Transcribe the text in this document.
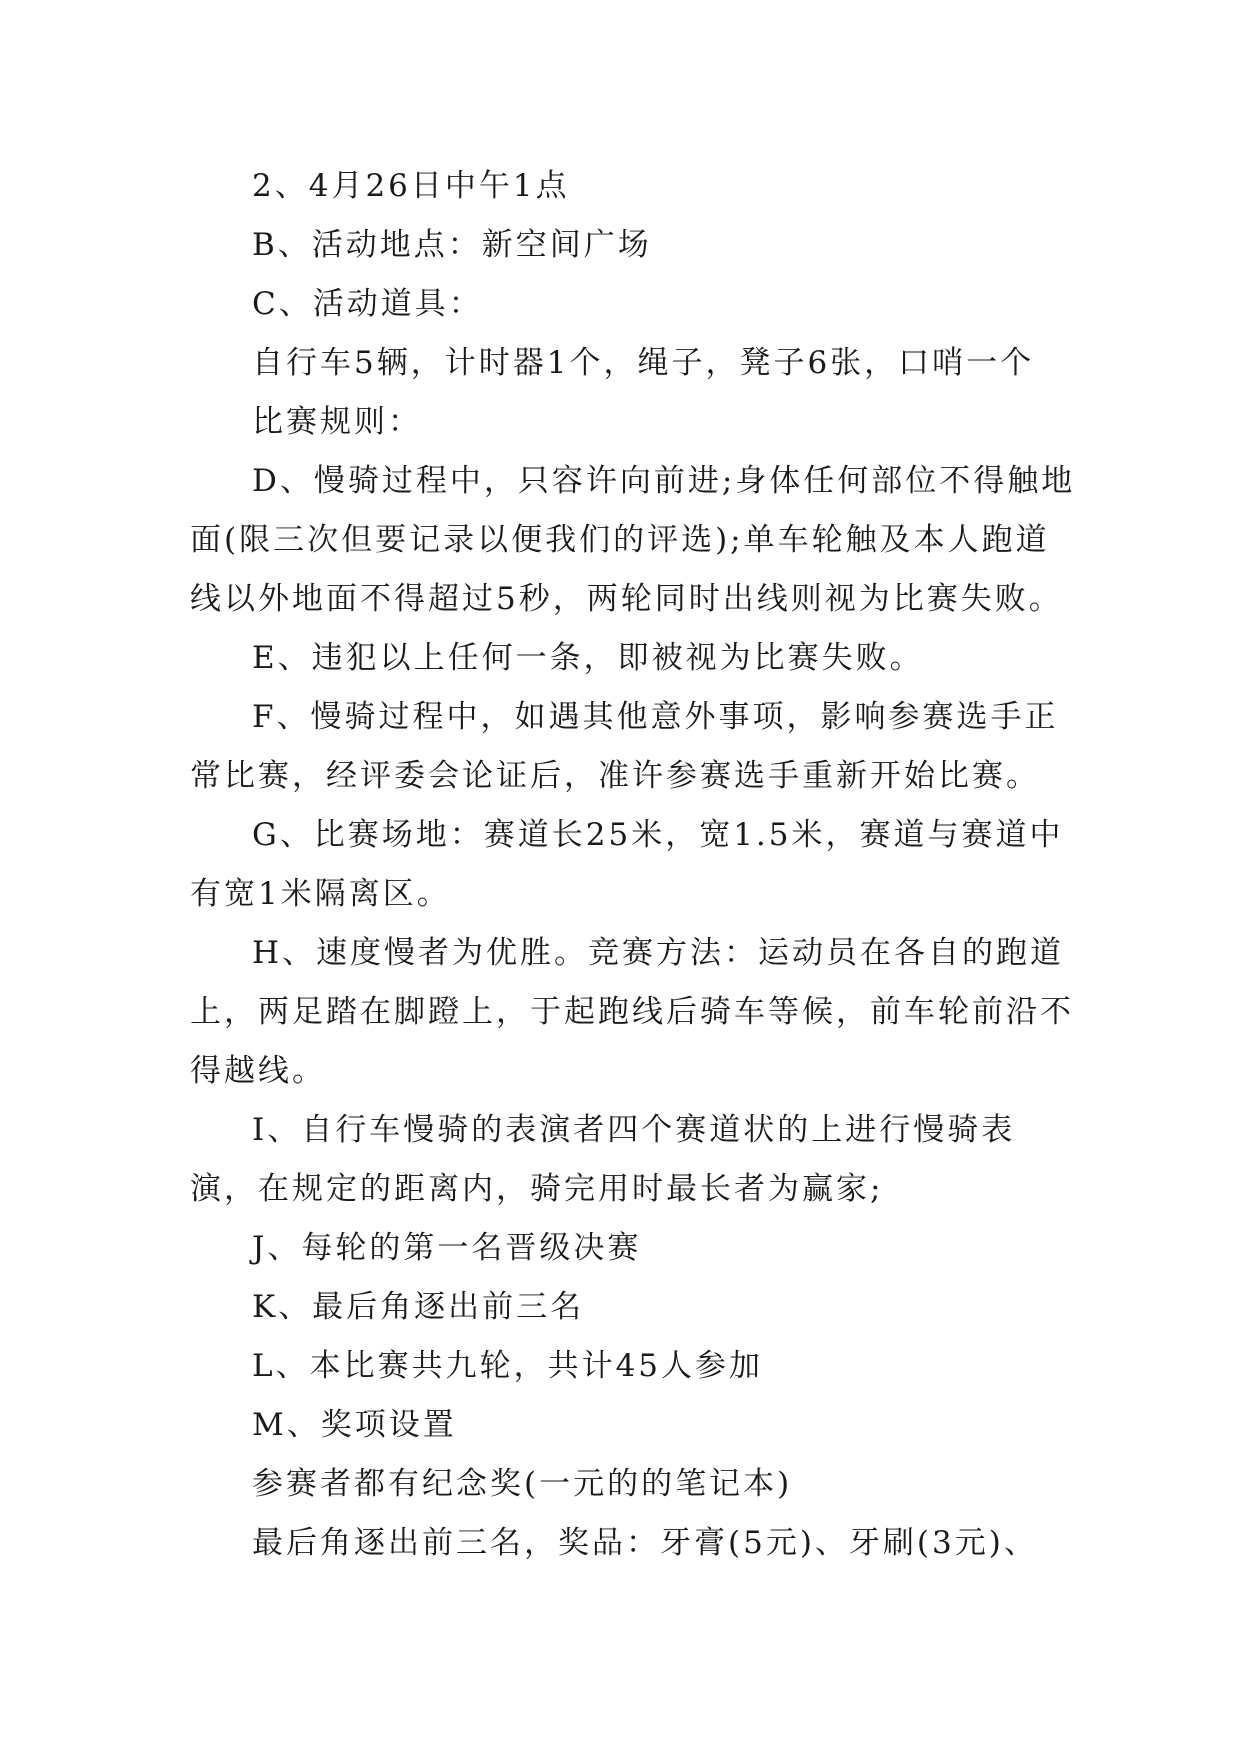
2、4月26日中午1点

B、活动地点：新空间广场

C、活动道具：

自行车5辆，计时器1个，绳子，凳子6张，口哨一个

比赛规则：

D、慢骑过程中，只容许向前进;身体任何部位不得触地面(限三次但要记录以便我们的评选);单车轮触及本人跑道线以外地面不得超过5秒，两轮同时出线则视为比赛失败。

E、违犯以上任何一条，即被视为比赛失败。

F、慢骑过程中，如遇其他意外事项，影响参赛选手正常比赛，经评委会论证后，准许参赛选手重新开始比赛。

G、比赛场地：赛道长25米，宽1.5米，赛道与赛道中有宽1米隔离区。

H、速度慢者为优胜。竞赛方法：运动员在各自的跑道上，两足踏在脚蹬上，于起跑线后骑车等候，前车轮前沿不得越线。

I、自行车慢骑的表演者四个赛道状的上进行慢骑表演，在规定的距离内，骑完用时最长者为赢家;

J、每轮的第一名晋级决赛

K、最后角逐出前三名

L、本比赛共九轮，共计45人参加

M、奖项设置

参赛者都有纪念奖(一元的的笔记本)

最后角逐出前三名，奖品：牙膏(5元)、牙刷(3元)、
